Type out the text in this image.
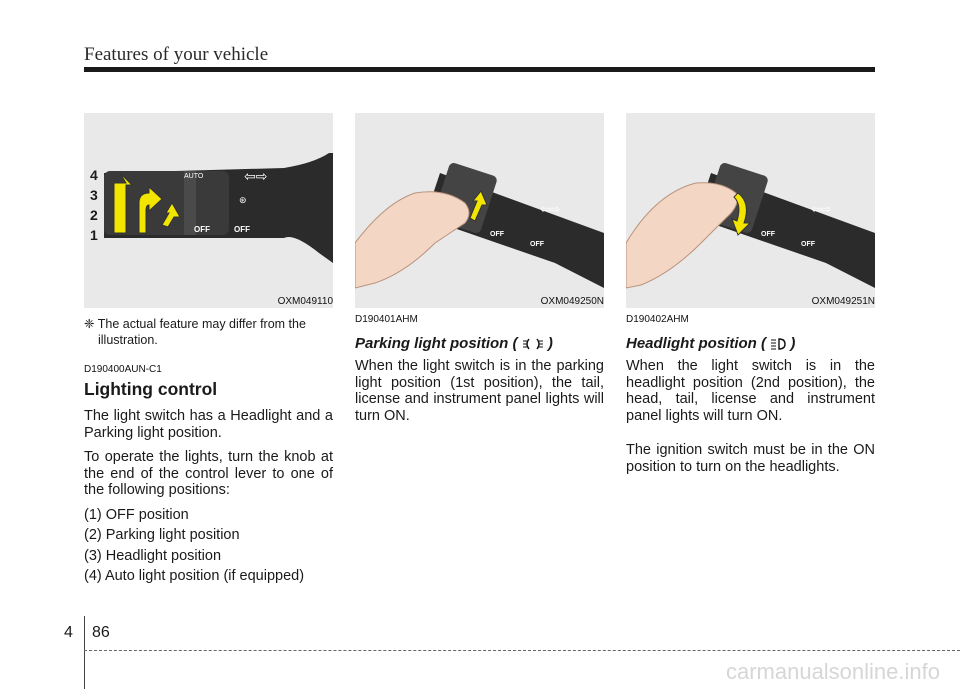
Features of your vehicle
⊛
⇦⇨
4
3
2
1
AUTO
OFF	OFF
OXM049110
⇦⇨
OFF
OFF
OXM049250N
⇦⇨
OFF
OFF
OXM049251N

❈ The actual feature may differ from the illustration.

D190400AUN-C1

Lighting control

The light switch has a Headlight and a Parking light position.

To operate the lights, turn the knob at the end of the control lever to one of the following positions:

(1) OFF position

(2) Parking light position

(3) Headlight position

(4) Auto light position (if equipped)

D190401AHM

Parking light position ( )

When the light switch is in the parking light position (1st position), the tail, license and instrument panel lights will turn ON.

D190402AHM

Headlight position ( )

When the light switch is in the headlight position (2nd position), the head, tail, license and instrument panel lights will turn ON.

The ignition switch must be in the ON position to turn on the headlights.

4 86
carmanualsonline.info
